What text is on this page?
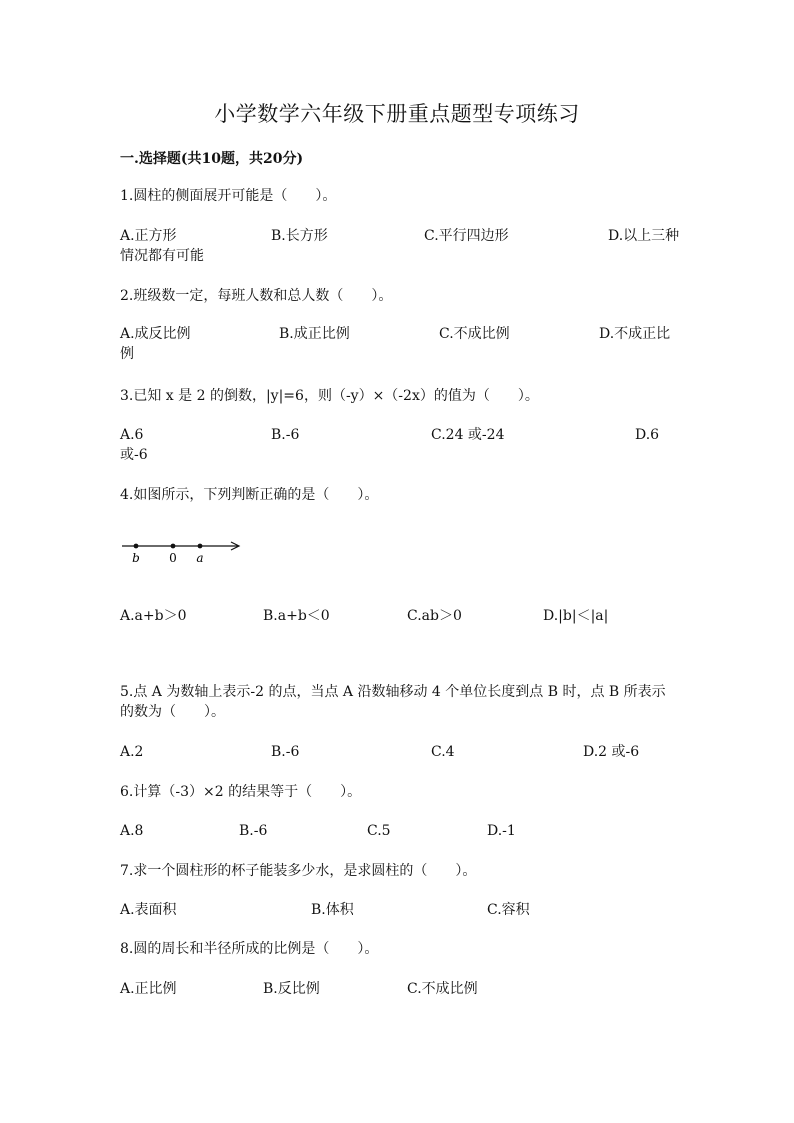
小学数学六年级下册重点题型专项练习
一.选择题(共10题，共20分)
1.圆柱的侧面展开可能是（　　）。
A.正方形	B.长方形	C.平行四边形	D.以上三种情况都有可能
2.班级数一定，每班人数和总人数（　　）。
A.成反比例	B.成正比例	C.不成比例	D.不成正比例
3.已知 x 是 2 的倒数，|y|=6，则（-y）×（-2x）的值为（　　）。
A.6	B.-6	C.24 或-24	D.6 或-6
4.如图所示，下列判断正确的是（　　）。
b 0 a
A.a+b＞0	B.a+b＜0	C.ab＞0	D.|b|＜|a|
5.点 A 为数轴上表示-2 的点，当点 A 沿数轴移动 4 个单位长度到点 B 时，点 B 所表示的数为（　　）。
A.2	B.-6	C.4	D.2 或-6
6.计算（-3）×2 的结果等于（　　）。
A.8	B.-6	C.5	D.-1
7.求一个圆柱形的杯子能装多少水，是求圆柱的（　　）。
A.表面积	B.体积	C.容积
8.圆的周长和半径所成的比例是（　　）。
A.正比例	B.反比例	C.不成比例
